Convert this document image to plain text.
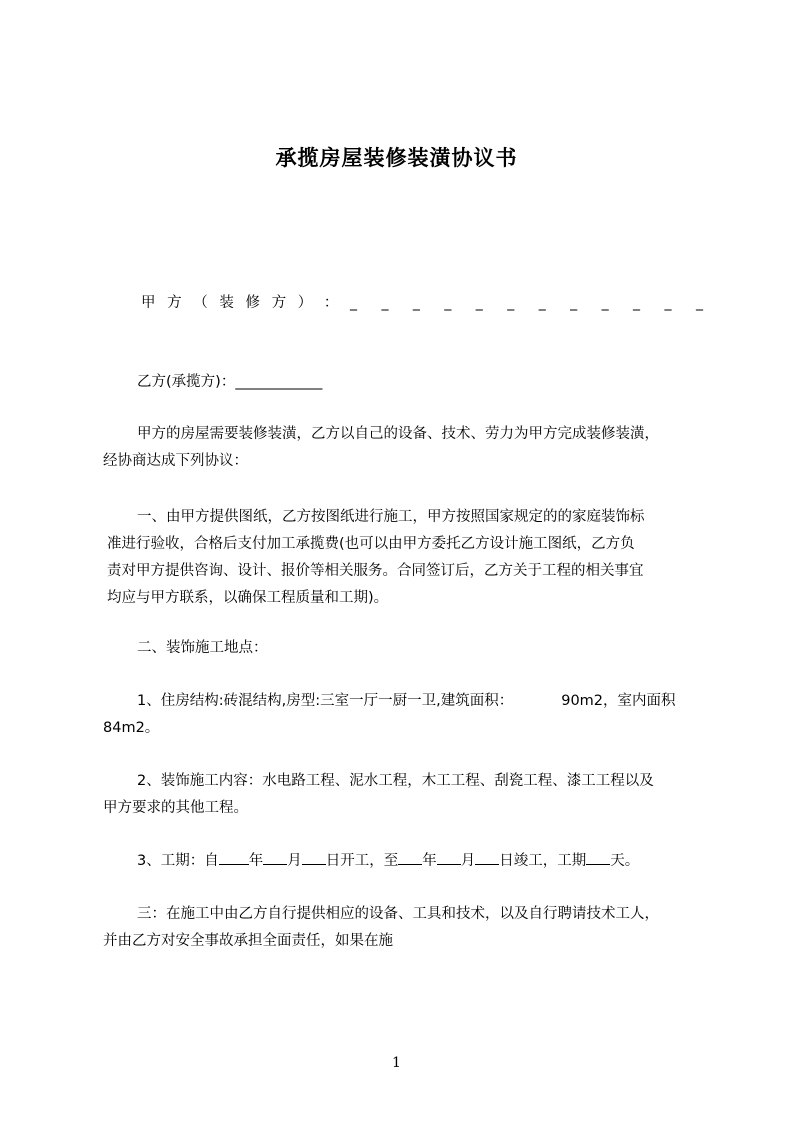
承揽房屋装修装潢协议书
甲 方 （ 装 修 方 ） ： _ _ _ _ _ _ _ _ _ _ _ _
乙方(承揽方)：____________
甲方的房屋需要装修装潢，乙方以自己的设备、技术、劳力为甲方完成装修装潢，
经协商达成下列协议：
一、由甲方提供图纸，乙方按图纸进行施工，甲方按照国家规定的的家庭装饰标
准进行验收，合格后支付加工承揽费(也可以由甲方委托乙方设计施工图纸，乙方负
责对甲方提供咨询、设计、报价等相关服务。合同签订后，乙方关于工程的相关事宜
均应与甲方联系，以确保工程质量和工期)。
二、装饰施工地点：
1、住房结构:砖混结构,房型:三室一厅一厨一卫,建筑面积：	90m2，室内面积
84m2。
2、装饰施工内容：水电路工程、泥水工程，木工工程、刮瓷工程、漆工工程以及
甲方要求的其他工程。
3、工期：自 年 月 日开工，至 年 月 日竣工，工期 天。
三：在施工中由乙方自行提供相应的设备、工具和技术，以及自行聘请技术工人，
并由乙方对安全事故承担全面责任，如果在施
1
